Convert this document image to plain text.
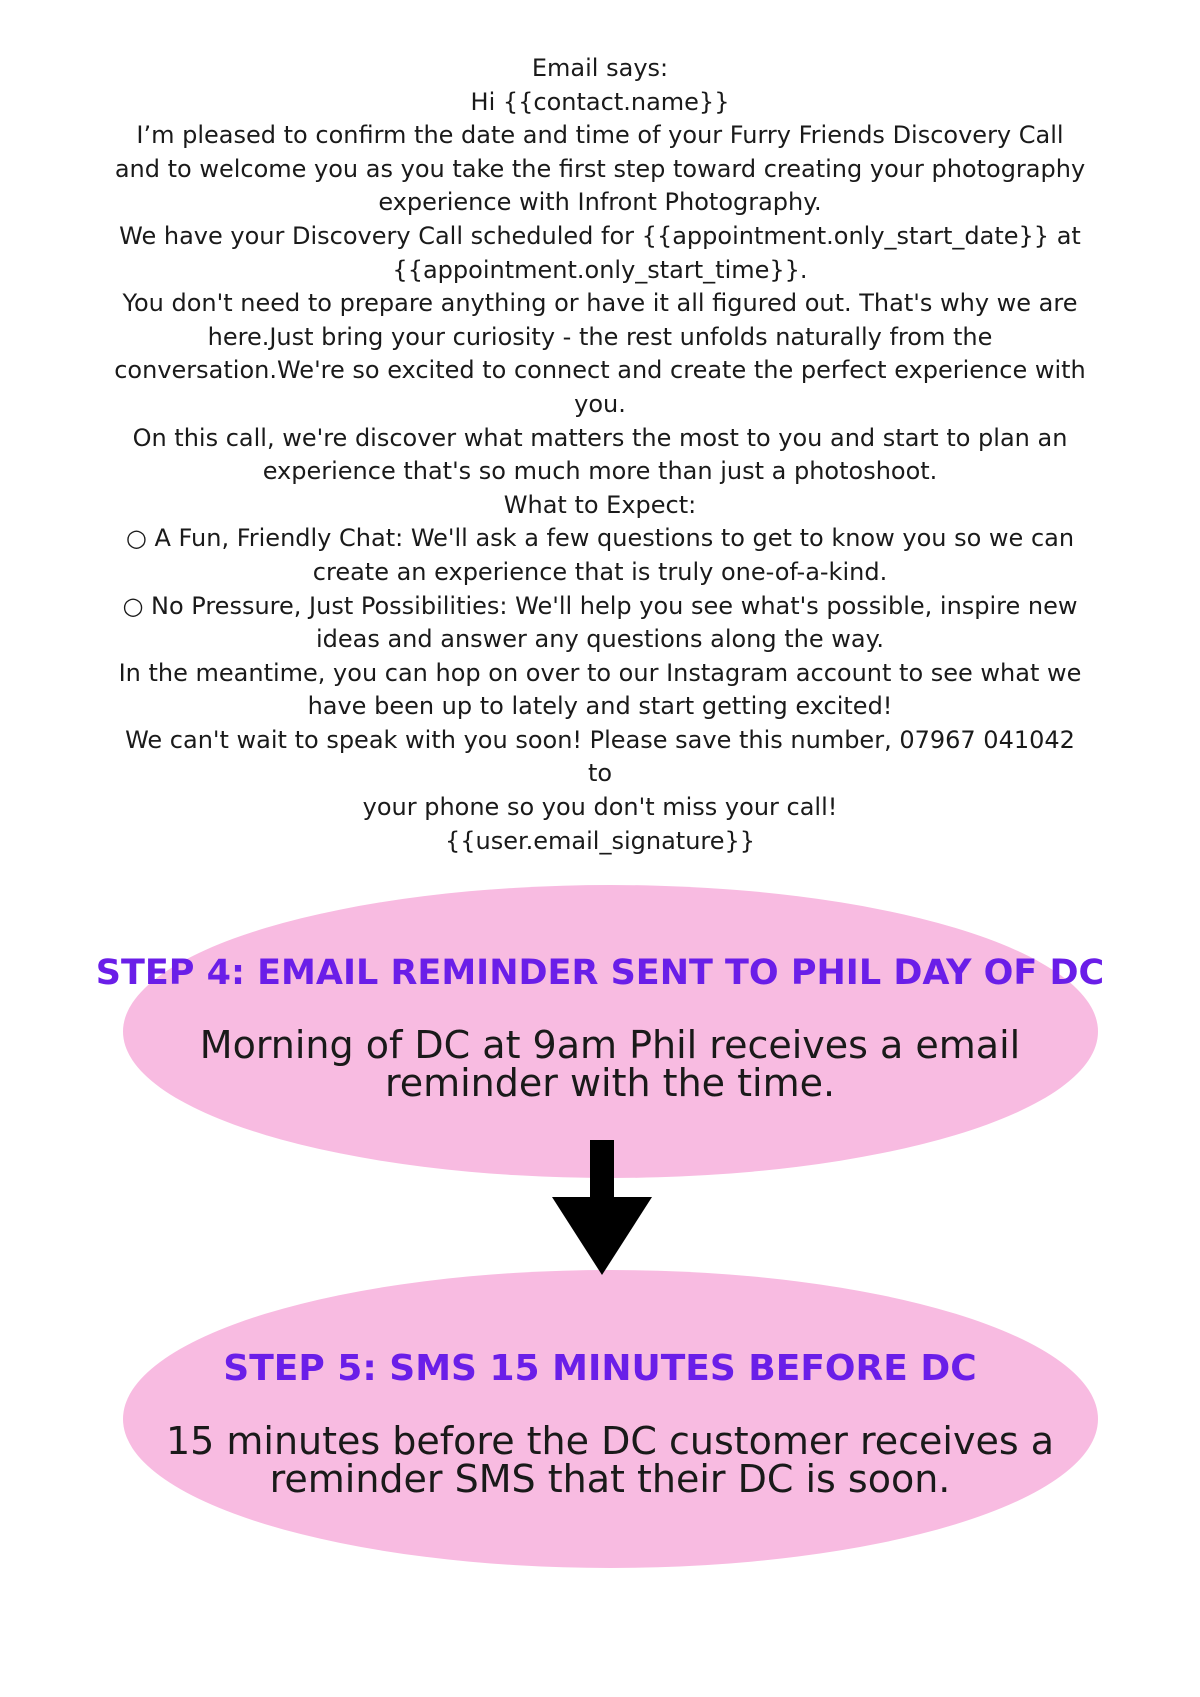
Email says:
Hi {{contact.name}}
I’m pleased to confirm the date and time of your Furry Friends Discovery Call
and to welcome you as you take the first step toward creating your photography
experience with Infront Photography.
We have your Discovery Call scheduled for {{appointment.only_start_date}} at
{{appointment.only_start_time}}.
You don't need to prepare anything or have it all figured out. That's why we are
here.Just bring your curiosity - the rest unfolds naturally from the
conversation.We're so excited to connect and create the perfect experience with
you.
On this call, we're discover what matters the most to you and start to plan an
experience that's so much more than just a photoshoot.
What to Expect:
○ A Fun, Friendly Chat: We'll ask a few questions to get to know you so we can
create an experience that is truly one-of-a-kind.
○ No Pressure, Just Possibilities: We'll help you see what's possible, inspire new
ideas and answer any questions along the way.
In the meantime, you can hop on over to our Instagram account to see what we
have been up to lately and start getting excited!
We can't wait to speak with you soon! Please save this number, 07967 041042 to
your phone so you don't miss your call!
{{user.email_signature}}
STEP 4: EMAIL REMINDER SENT TO PHIL DAY OF DC
Morning of DC at 9am Phil receives a email
reminder with the time.
STEP 5: SMS 15 MINUTES BEFORE DC
15 minutes before the DC customer receives a
reminder SMS that their DC is soon.
